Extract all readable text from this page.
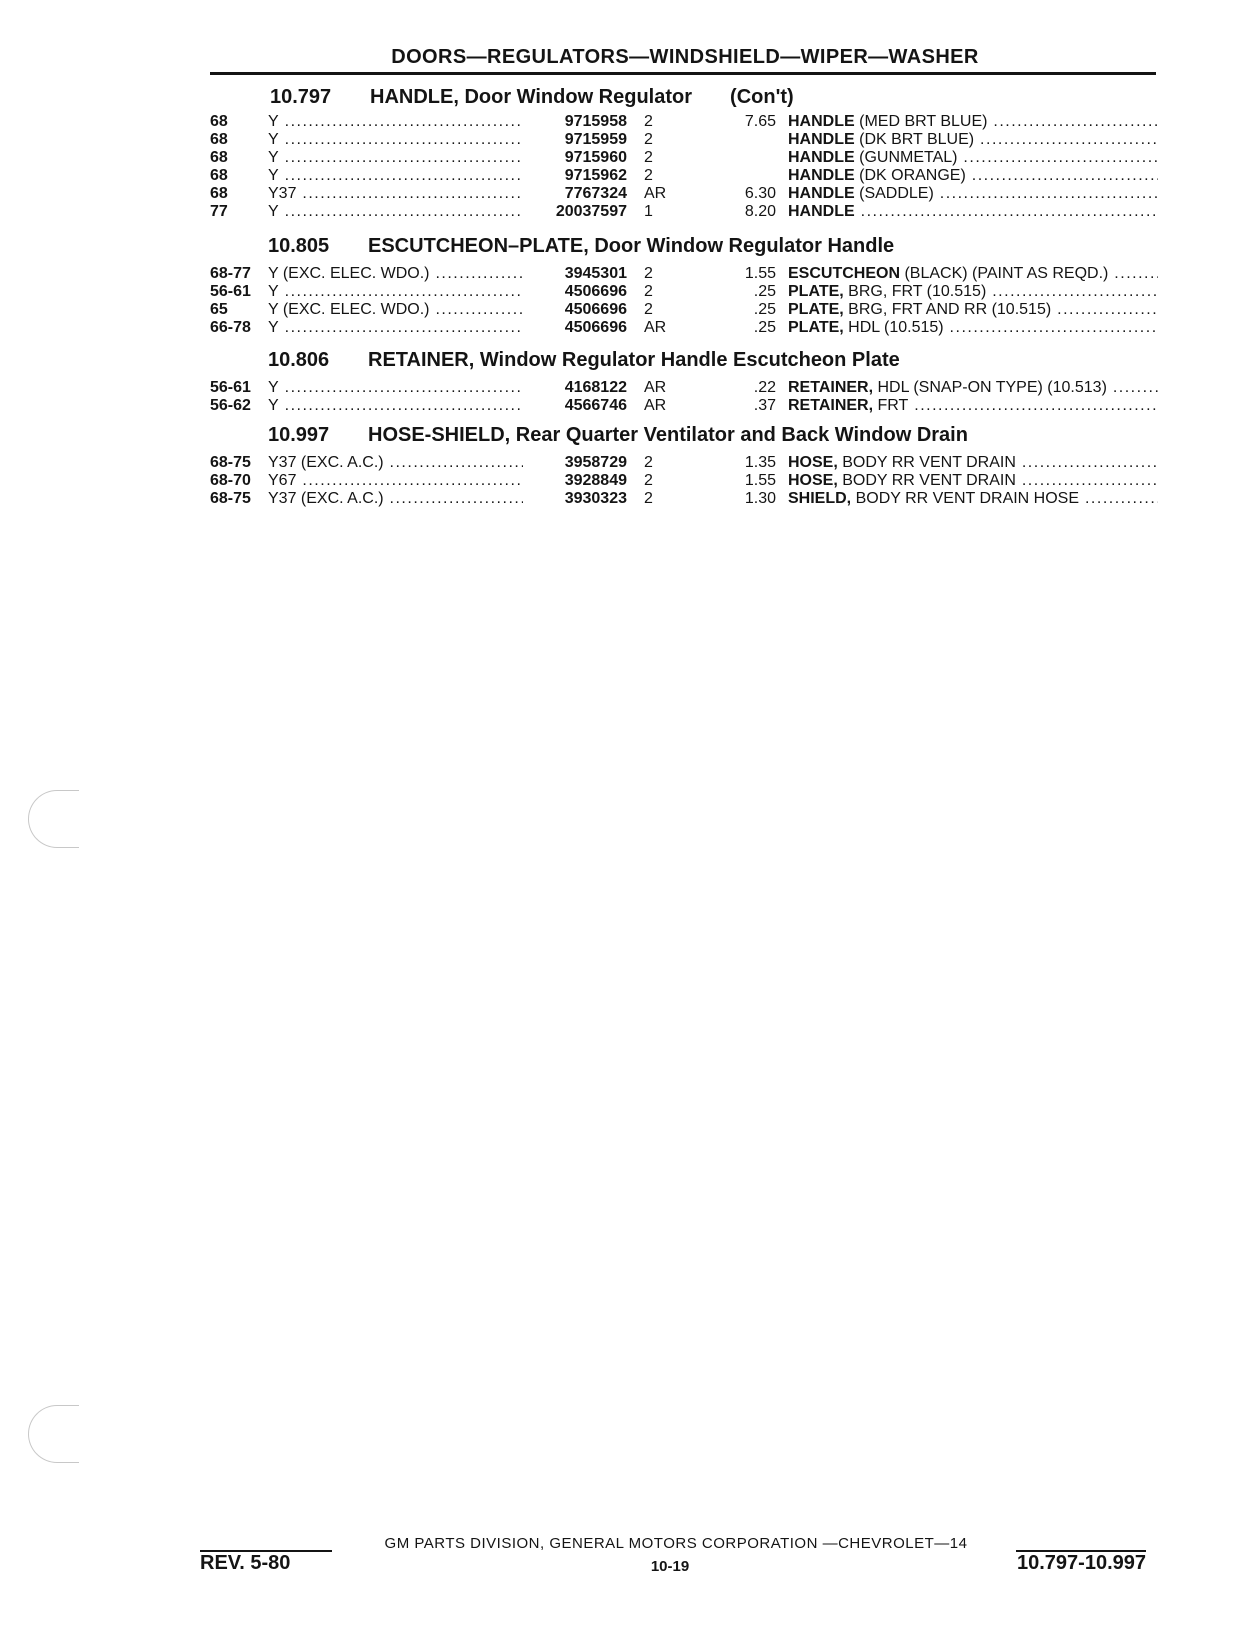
DOORS—REGULATORS—WINDSHIELD—WIPER—WASHER
10.797 HANDLE, Door Window Regulator (Con't)
68	Y .....	9715958 2	7.65 HANDLE (MED BRT BLUE) .....
68	Y .....	9715959 2	HANDLE (DK BRT BLUE) .....
68	Y .....	9715960 2	HANDLE (GUNMETAL) .....
68	Y .....	9715962 2	HANDLE (DK ORANGE) .....
68	Y37 .....	7767324 AR	6.30 HANDLE (SADDLE) .....
77	Y .....	20037597 1	8.20 HANDLE .....
10.805 ESCUTCHEON–PLATE, Door Window Regulator Handle
68-77 Y (EXC. ELEC. WDO.) .....	3945301 2	1.55 ESCUTCHEON (BLACK) (PAINT AS REQD.) .....
56-61 Y .....	4506696 2	.25 PLATE, BRG, FRT (10.515) .....
65	Y (EXC. ELEC. WDO.) .....	4506696 2	.25 PLATE, BRG, FRT AND RR (10.515) .....
66-78 Y .....	4506696 AR	.25 PLATE, HDL (10.515) .....
10.806 RETAINER, Window Regulator Handle Escutcheon Plate
56-61 Y .....	4168122 AR	.22 RETAINER, HDL (SNAP-ON TYPE) (10.513) .....
56-62 Y .....	4566746 AR	.37 RETAINER, FRT .....
10.997 HOSE-SHIELD, Rear Quarter Ventilator and Back Window Drain
68-75 Y37 (EXC. A.C.) .....	3958729 2	1.35 HOSE, BODY RR VENT DRAIN .....
68-70 Y67 .....	3928849 2	1.55 HOSE, BODY RR VENT DRAIN .....
68-75 Y37 (EXC. A.C.) .....	3930323 2	1.30 SHIELD, BODY RR VENT DRAIN HOSE .....
GM PARTS DIVISION, GENERAL MOTORS CORPORATION —CHEVROLET—14
REV. 5-80	10-19	10.797-10.997
